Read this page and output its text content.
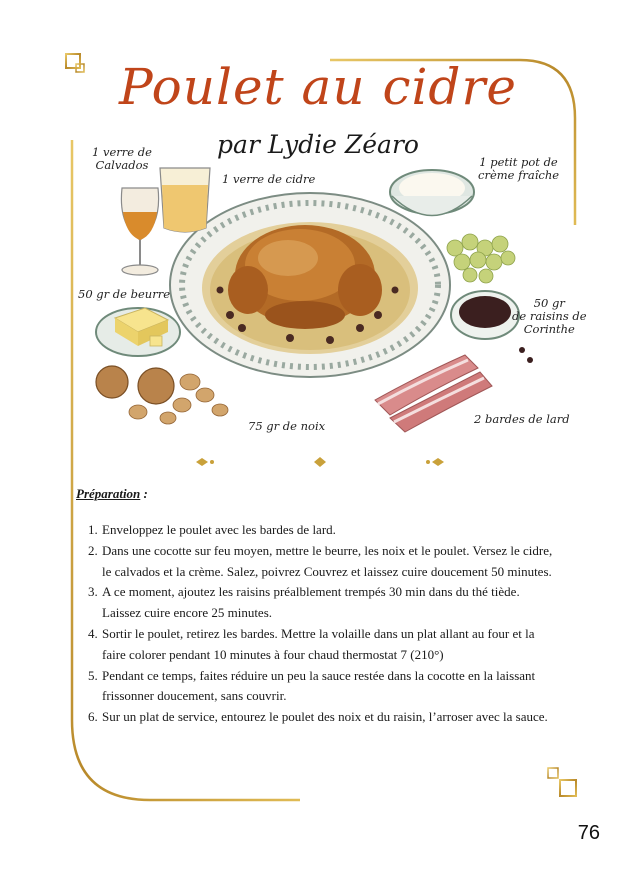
Poulet au cidre
par Lydie Zéaro
1 verre de
Calvados
1 verre de cidre
1 petit pot de
crème fraîche
50 gr de beurre
50 gr
de raisins de
Corinthe
75 gr de noix	2 bardes de lard
Préparation :
1. Enveloppez le poulet avec les bardes de lard.
2. Dans une cocotte sur feu moyen, mettre le beurre, les noix et le poulet. Versez le cidre, le calvados et la crème. Salez, poivrez Couvrez et laissez cuire doucement 50 minutes.
3. A ce moment, ajoutez les raisins préalblement trempés 30 min dans du thé tiède. Laissez cuire encore 25 minutes.
4. Sortir le poulet, retirez les bardes. Mettre la volaille dans un plat allant au four et la faire colorer pendant 10 minutes à four chaud thermostat 7 (210°)
5. Pendant ce temps, faites réduire un peu la sauce restée dans la cocotte en la laissant frissonner doucement, sans couvrir.
6. Sur un plat de service, entourez le poulet des noix et du raisin, l’arroser avec la sauce.
76
